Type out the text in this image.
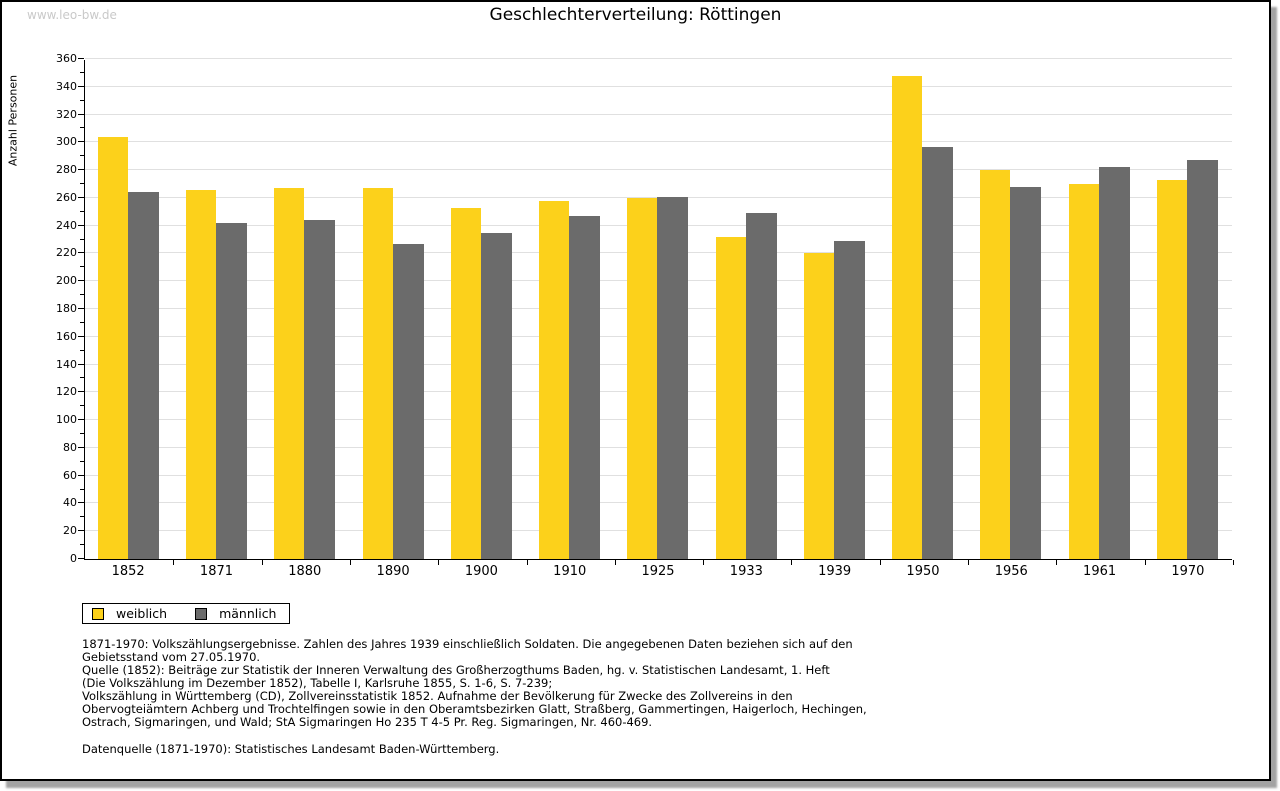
www.leo-bw.de	Geschlechterverteilung: Röttingen
Anzahl Personen
0
20
40
60
80
100
120
140
160
180
200
220
240
260
280
300
320
340
360
1852	1871	1880	1890	1900	1910	1925	1933	1939	1950	1956	1961	1970
weiblich	männlich
1871-1970: Volkszählungsergebnisse. Zahlen des Jahres 1939 einschließlich Soldaten. Die angegebenen Daten beziehen sich auf den
Gebietsstand vom 27.05.1970.
Quelle (1852): Beiträge zur Statistik der Inneren Verwaltung des Großherzogthums Baden, hg. v. Statistischen Landesamt, 1. Heft
(Die Volkszählung im Dezember 1852), Tabelle I, Karlsruhe 1855, S. 1-6, S. 7-239;
Volkszählung in Württemberg (CD), Zollvereinsstatistik 1852. Aufnahme der Bevölkerung für Zwecke des Zollvereins in den
Obervogteiämtern Achberg und Trochtelfingen sowie in den Oberamtsbezirken Glatt, Straßberg, Gammertingen, Haigerloch, Hechingen,
Ostrach, Sigmaringen, und Wald; StA Sigmaringen Ho 235 T 4-5 Pr. Reg. Sigmaringen, Nr. 460-469.
Datenquelle (1871-1970): Statistisches Landesamt Baden-Württemberg.
